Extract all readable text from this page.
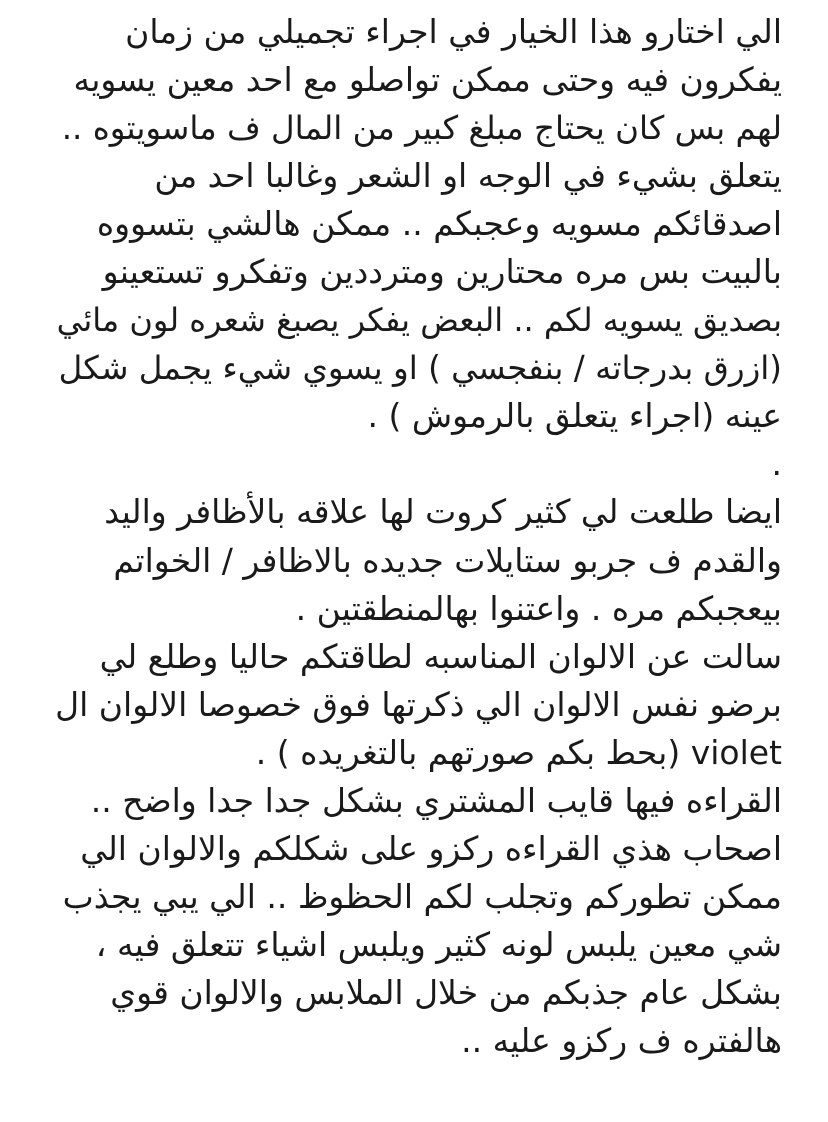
الي اختارو هذا الخيار في اجراء تجميلي من زمان
يفكرون فيه وحتى ممكن تواصلو مع احد معين يسويه
لهم بس كان يحتاج مبلغ كبير من المال ف ماسويتوه ..
يتعلق بشيء في الوجه او الشعر وغالبا احد من
اصدقائكم مسويه وعجبكم .. ممكن هالشي بتسووه
بالبيت بس مره محتارين ومترددين وتفكرو تستعينو
بصديق يسويه لكم .. البعض يفكر يصبغ شعره لون مائي
(ازرق بدرجاته / بنفجسي ) او يسوي شيء يجمل شكل
عينه (اجراء يتعلق بالرموش ) .
.
ايضا طلعت لي كثير كروت لها علاقه بالأظافر واليد
والقدم ف جربو ستايلات جديده بالاظافر / الخواتم
بيعجبكم مره . واعتنوا بهالمنطقتين .
سالت عن الالوان المناسبه لطاقتكم حاليا وطلع لي
برضو نفس الالوان الي ذكرتها فوق خصوصا الالوان ال
violet (بحط بكم صورتهم بالتغريده ) .
القراءه فيها قايب المشتري بشكل جدا جدا واضح ..
اصحاب هذي القراءه ركزو على شكلكم والالوان الي
ممكن تطوركم وتجلب لكم الحظوظ .. الي يبي يجذب
شي معين يلبس لونه كثير ويلبس اشياء تتعلق فيه ،
بشكل عام جذبكم من خلال الملابس والالوان قوي
هالفتره ف ركزو عليه ..
